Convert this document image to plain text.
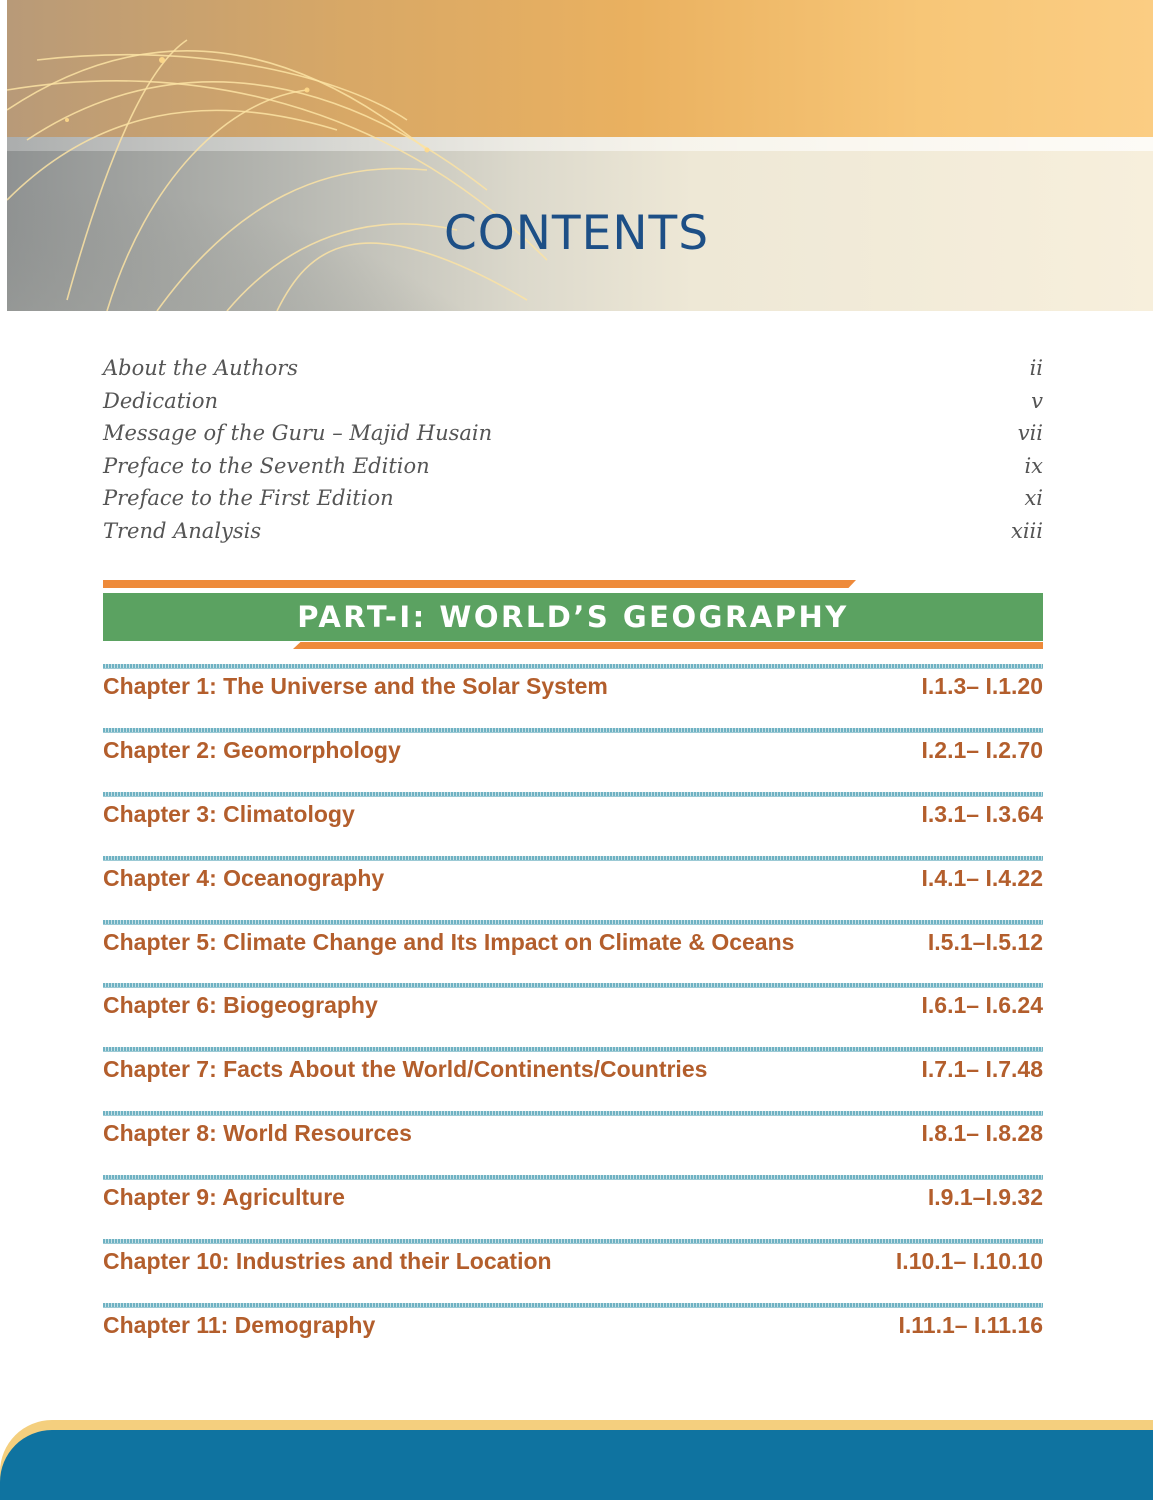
CONTENTS
About the Authors	ii
Dedication	v
Message of the Guru – Majid Husain	vii
Preface to the Seventh Edition	ix
Preface to the First Edition	xi
Trend Analysis	xiii
PART-I: WORLD’S GEOGRAPHY
Chapter 1: The Universe and the Solar System	I.1.3– I.1.20
Chapter 2: Geomorphology	I.2.1– I.2.70
Chapter 3: Climatology	I.3.1– I.3.64
Chapter 4: Oceanography	I.4.1– I.4.22
Chapter 5: Climate Change and Its Impact on Climate & Oceans	I.5.1–I.5.12
Chapter 6: Biogeography	I.6.1– I.6.24
Chapter 7: Facts About the World/Continents/Countries	I.7.1– I.7.48
Chapter 8: World Resources	I.8.1– I.8.28
Chapter 9: Agriculture	I.9.1–I.9.32
Chapter 10: Industries and their Location	I.10.1– I.10.10
Chapter 11: Demography	I.11.1– I.11.16
